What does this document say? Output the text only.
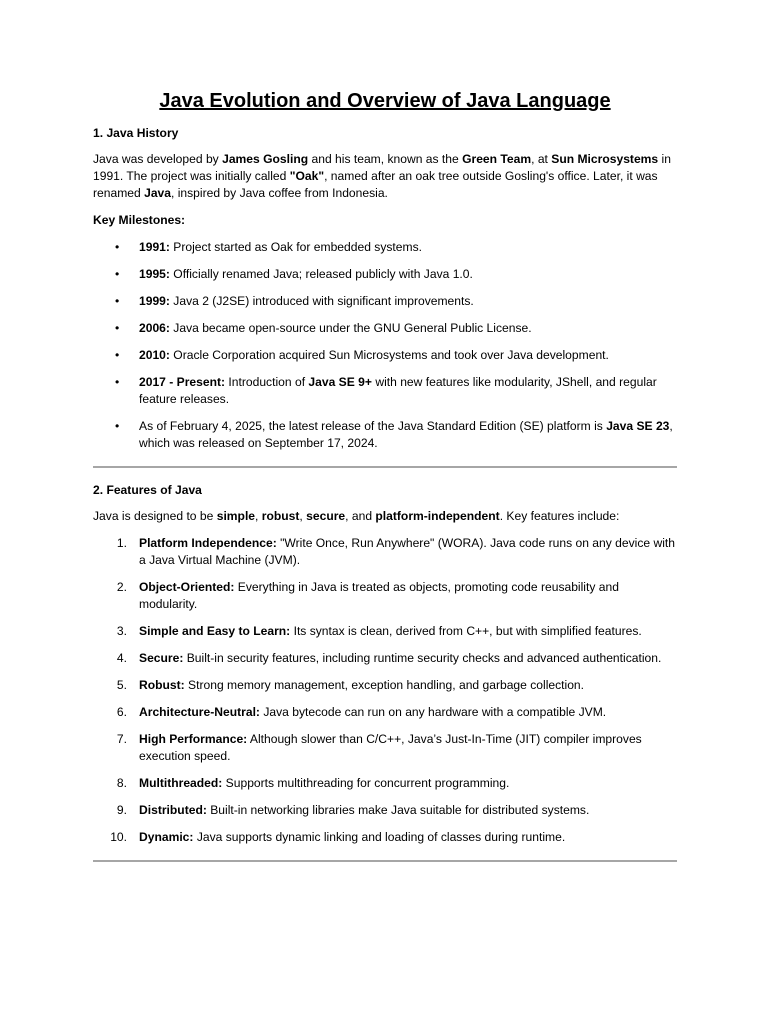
Java Evolution and Overview of Java Language
1. Java History

Java was developed by James Gosling and his team, known as the Green Team, at Sun Microsystems in 1991. The project was initially called "Oak", named after an oak tree outside Gosling's office. Later, it was renamed Java, inspired by Java coffee from Indonesia.

Key Milestones:
• 1991: Project started as Oak for embedded systems.
• 1995: Officially renamed Java; released publicly with Java 1.0.
• 1999: Java 2 (J2SE) introduced with significant improvements.
• 2006: Java became open-source under the GNU General Public License.
• 2010: Oracle Corporation acquired Sun Microsystems and took over Java development.
• 2017 - Present: Introduction of Java SE 9+ with new features like modularity, JShell, and regular feature releases.
• As of February 4, 2025, the latest release of the Java Standard Edition (SE) platform is Java SE 23, which was released on September 17, 2024.
2. Features of Java

Java is designed to be simple, robust, secure, and platform-independent. Key features include:

1. Platform Independence: "Write Once, Run Anywhere" (WORA). Java code runs on any device with a Java Virtual Machine (JVM).
2. Object-Oriented: Everything in Java is treated as objects, promoting code reusability and modularity.
3. Simple and Easy to Learn: Its syntax is clean, derived from C++, but with simplified features.
4. Secure: Built-in security features, including runtime security checks and advanced authentication.
5. Robust: Strong memory management, exception handling, and garbage collection.
6. Architecture-Neutral: Java bytecode can run on any hardware with a compatible JVM.
7. High Performance: Although slower than C/C++, Java’s Just-In-Time (JIT) compiler improves execution speed.
8. Multithreaded: Supports multithreading for concurrent programming.
9. Distributed: Built-in networking libraries make Java suitable for distributed systems.
10. Dynamic: Java supports dynamic linking and loading of classes during runtime.
